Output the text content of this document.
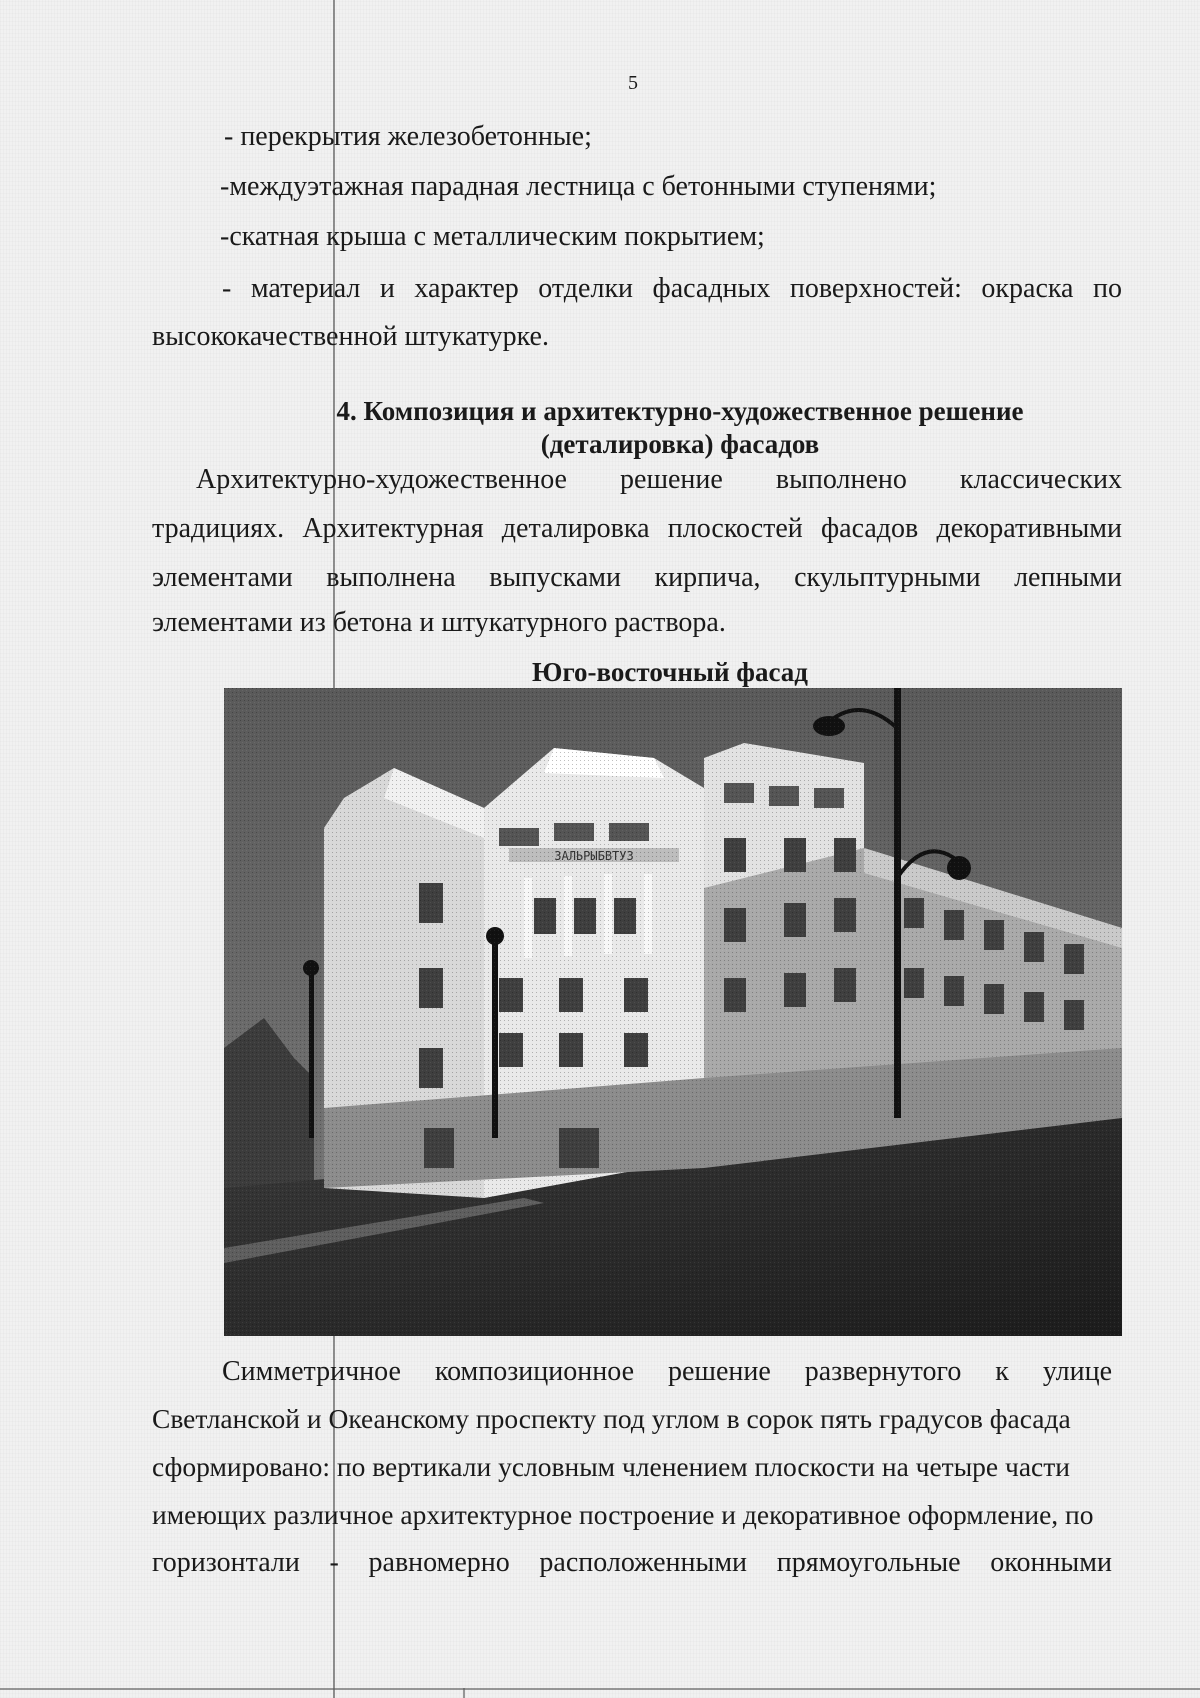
5
- перекрытия железобетонные;
-междуэтажная парадная лестница с бетонными ступенями;
-скатная крыша с металлическим покрытием;
- материал и характер отделки фасадных поверхностей: окраска по
высококачественной штукатурке.
4. Композиция и архитектурно-художественное решение
(деталировка) фасадов
Архитектурно-художественное решение выполнено классических
традициях. Архитектурная деталировка плоскостей фасадов декоративными
элементами выполнена выпусками кирпича, скульптурными лепными
элементами из бетона и штукатурного раствора.
Юго-восточный фасад
Симметричное композиционное решение развернутого к улице
Светланской и Океанскому проспекту под углом в сорок пять градусов фасада
сформировано: по вертикали условным членением плоскости на четыре части
имеющих различное архитектурное построение и декоративное оформление, по
горизонтали - равномерно расположенными прямоугольные оконными
